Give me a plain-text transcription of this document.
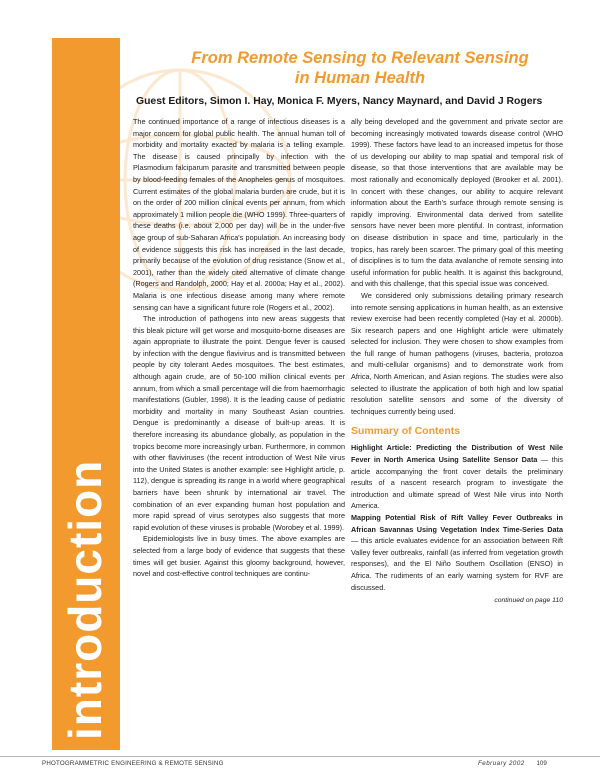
introduction
From Remote Sensing to Relevant Sensing
in Human Health
Guest Editors, Simon I. Hay, Monica F. Myers, Nancy Maynard, and David J Rogers

The continued importance of a range of infectious diseases is a major concern for global public health. The annual human toll of morbidity and mortality exacted by malaria is a telling example. The disease is caused principally by infection with the Plasmodium falciparum parasite and transmitted between people by blood-feeding females of the Anopheles genus of mosquitoes. Current estimates of the global malaria burden are crude, but it is on the order of 200 million clinical events per annum, from which approximately 1 million people die (WHO 1999). Three-quarters of these deaths (i.e. about 2,000 per day) will be in the under-five age group of sub-Saharan Africa's population. An increasing body of evidence suggests this risk has increased in the last decade, primarily because of the evolution of drug resistance (Snow et al., 2001), rather than the widely cited alternative of climate change (Rogers and Randolph, 2000; Hay et al. 2000a; Hay et al., 2002). Malaria is one infectious disease among many where remote sensing can have a significant future role (Rogers et al., 2002).

The introduction of pathogens into new areas suggests that this bleak picture will get worse and mosquito-borne diseases are again appropriate to illustrate the point. Dengue fever is caused by infection with the dengue flavivirus and is transmitted between people by city tolerant Aedes mosquitoes. The best estimates, although again crude, are of 50-100 million clinical events per annum, from which a small percentage will die from haemorrhagic manifestations (Gubler, 1998). It is the leading cause of pediatric morbidity and mortality in many Southeast Asian countries. Dengue is predominantly a disease of built-up areas. It is therefore increasing its abundance globally, as population in the tropics become more increasingly urban. Furthermore, in common with other flaviviruses (the recent introduction of West Nile virus into the United States is another example: see Highlight article, p. 112), dengue is spreading its range in a world where geographical barriers have been shrunk by international air travel. The combination of an ever expanding human host population and more rapid spread of virus serotypes also suggests that more rapid evolution of these viruses is probable (Worobey et al. 1999).

Epidemiologists live in busy times. The above examples are selected from a large body of evidence that suggests that these times will get busier. Against this gloomy background, however, novel and cost-effective control techniques are continu-

ally being developed and the government and private sector are becoming increasingly motivated towards disease control (WHO 1999). These factors have lead to an increased impetus for those of us developing our ability to map spatial and temporal risk of disease, so that those interventions that are available may be most rationally and economically deployed (Brooker et al. 2001). In concert with these changes, our ability to acquire relevant information about the Earth's surface through remote sensing is rapidly improving. Environmental data derived from satellite sensors have never been more plentiful. In contrast, information on disease distribution in space and time, particularly in the tropics, has rarely been scarcer. The primary goal of this meeting of disciplines is to turn the data avalanche of remote sensing into useful information for public health. It is against this background, and with this challenge, that this special issue was conceived.

We considered only submissions detailing primary research into remote sensing applications in human health, as an extensive review exercise had been recently completed (Hay et al. 2000b). Six research papers and one Highlight article were ultimately selected for inclusion. They were chosen to show examples from the full range of human pathogens (viruses, bacteria, protozoa and multi-cellular organisms) and to demonstrate work from Africa, North American, and Asian regions. The studies were also selected to illustrate the application of both high and low spatial resolution satellite sensors and some of the diversity of techniques currently being used.

Summary of Contents

Highlight Article: Predicting the Distribution of West Nile Fever in North America Using Satellite Sensor Data — this article accompanying the front cover details the preliminary results of a nascent research program to investigate the introduction and ultimate spread of West Nile virus into North America.

Mapping Potential Risk of Rift Valley Fever Outbreaks in African Savannas Using Vegetation Index Time-Series Data — this article evaluates evidence for an association between Rift Valley fever outbreaks, rainfall (as inferred from vegetation growth responses), and the El Niño Southern Oscillation (ENSO) in Africa. The rudiments of an early warning system for RVF are discussed.

continued on page 110
PHOTOGRAMMETRIC ENGINEERING & REMOTE SENSING	February 2002 109
